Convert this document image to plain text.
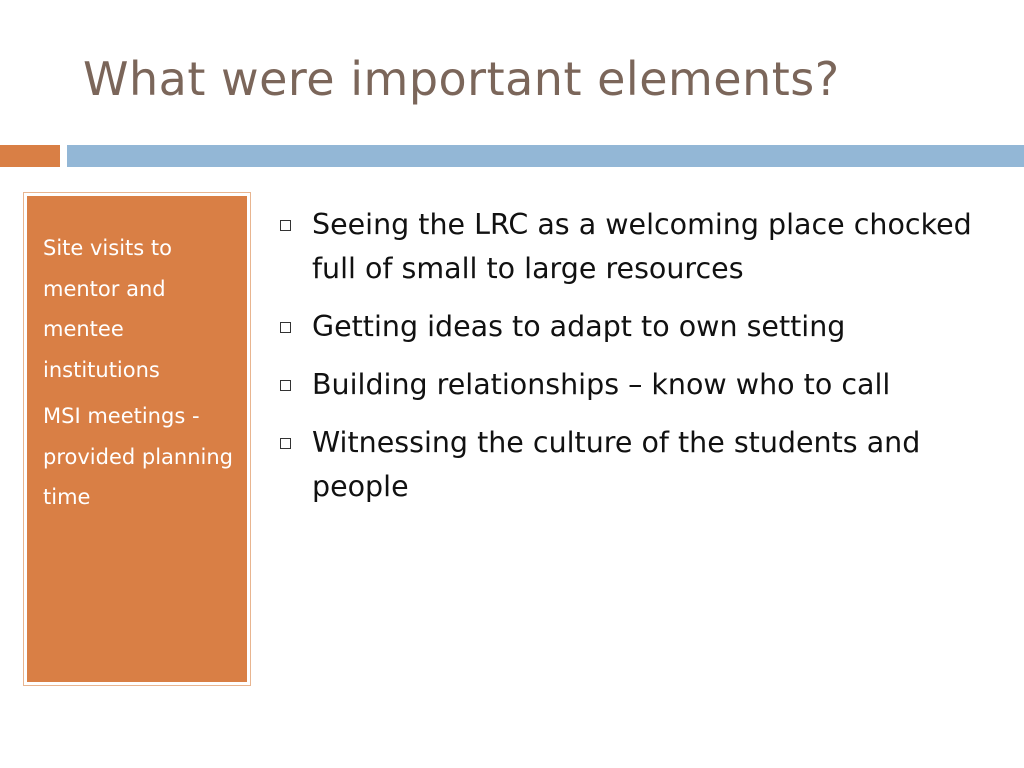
What were important elements?

Site visits to mentor and mentee institutions

MSI meetings -provided planning time

Seeing the LRC as a welcoming place chocked full of small to large resources
Getting ideas to adapt to own setting
Building relationships – know who to call
Witnessing the culture of the students and people
